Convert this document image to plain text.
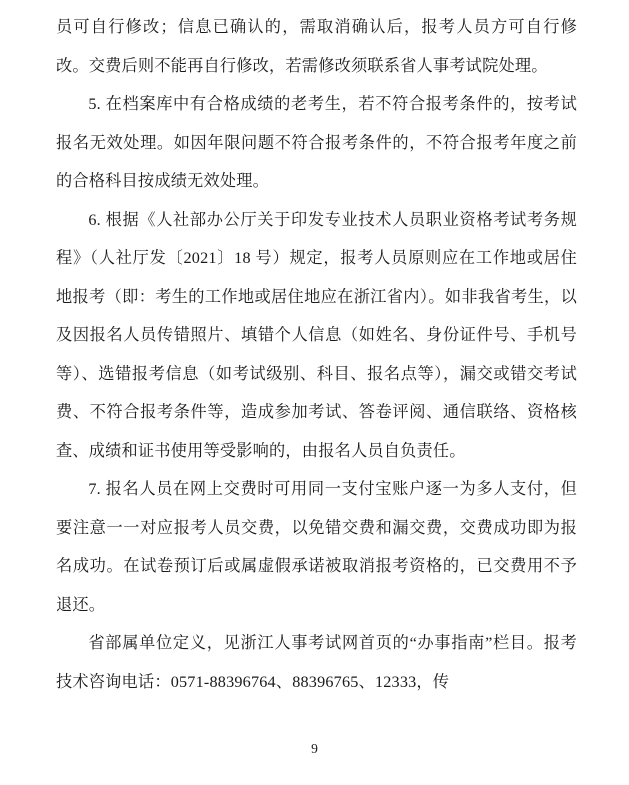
员可自行修改；信息已确认的，需取消确认后，报考人员方可自行修改。交费后则不能再自行修改，若需修改须联系省人事考试院处理。

5. 在档案库中有合格成绩的老考生，若不符合报考条件的，按考试报名无效处理。如因年限问题不符合报考条件的，不符合报考年度之前的合格科目按成绩无效处理。

6. 根据《人社部办公厅关于印发专业技术人员职业资格考试考务规程》（人社厅发〔2021〕18 号）规定，报考人员原则应在工作地或居住地报考（即：考生的工作地或居住地应在浙江省内）。如非我省考生，以及因报名人员传错照片、填错个人信息（如姓名、身份证件号、手机号等）、选错报考信息（如考试级别、科目、报名点等），漏交或错交考试费、不符合报考条件等，造成参加考试、答卷评阅、通信联络、资格核查、成绩和证书使用等受影响的，由报名人员自负责任。

7. 报名人员在网上交费时可用同一支付宝账户逐一为多人支付，但要注意一一对应报考人员交费，以免错交费和漏交费，交费成功即为报名成功。在试卷预订后或属虚假承诺被取消报考资格的，已交费用不予退还。

省部属单位定义，见浙江人事考试网首页的“办事指南”栏目。报考技术咨询电话：0571-88396764、88396765、12333，传

9
